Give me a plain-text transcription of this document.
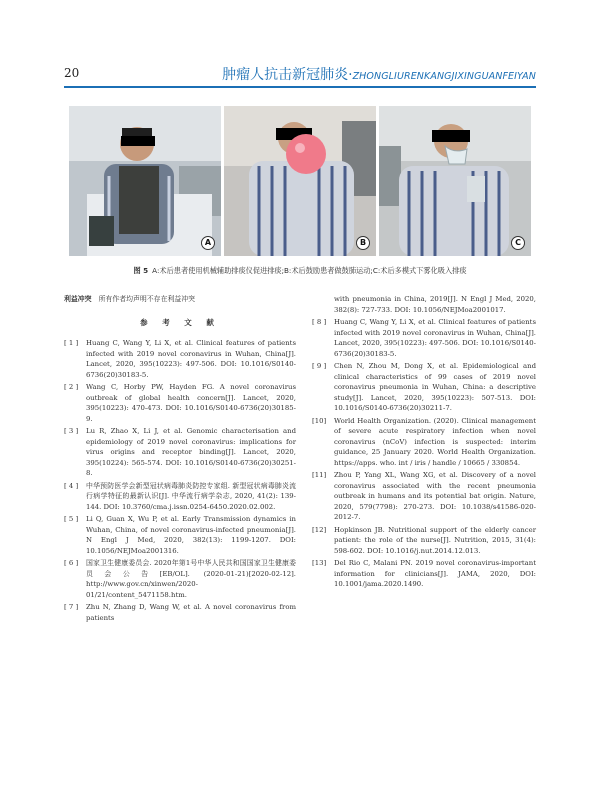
20	肿瘤人抗击新冠肺炎·ZHONGLIURENKANGJIXINGUANFEIYAN
A	B	C
图 5 A:术后患者使用机械辅助排痰仪促进排痰;B:术后鼓励患者做鼓肺运动;C:术后多模式下雾化吸入排痰
利益冲突 所有作者均声明不存在利益冲突
参 考 文 献
[ 1 ]	Huang C, Wang Y, Li X, et al. Clinical features of patients infected with 2019 novel coronavirus in Wuhan, China[J]. Lancet, 2020, 395(10223): 497-506. DOI: 10.1016/S0140-6736(20)30183-5.
[ 2 ]	Wang C, Horby PW, Hayden FG. A novel coronavirus outbreak of global health concern[J]. Lancet, 2020, 395(10223): 470-473. DOI: 10.1016/S0140-6736(20)30185-9.
[ 3 ]	Lu R, Zhao X, Li J, et al. Genomic characterisation and epidemiology of 2019 novel coronavirus: implications for virus origins and receptor binding[J]. Lancet, 2020, 395(10224): 565-574. DOI: 10.1016/S0140-6736(20)30251-8.
[ 4 ]	中华预防医学会新型冠状病毒肺炎防控专家组. 新型冠状病毒肺炎流行病学特征的最新认识[J]. 中华流行病学杂志, 2020, 41(2): 139-144. DOI: 10.3760/cma.j.issn.0254-6450.2020.02.002.
[ 5 ]	Li Q, Guan X, Wu P, et al. Early Transmission dynamics in Wuhan, China, of novel coronavirus-infected pneumonia[J]. N Engl J Med, 2020, 382(13): 1199-1207. DOI: 10.1056/NEJMoa2001316.
[ 6 ]	国家卫生健康委员会. 2020年第1号中华人民共和国国家卫生健康委员会公告[EB/OL]. (2020-01-21)[2020-02-12]. http://www.gov.cn/xinwen/2020-01/21/content_5471158.htm.
[ 7 ]	Zhu N, Zhang D, Wang W, et al. A novel coronavirus from patients
with pneumonia in China, 2019[J]. N Engl J Med, 2020, 382(8): 727-733. DOI: 10.1056/NEJMoa2001017.
[ 8 ]	Huang C, Wang Y, Li X, et al. Clinical features of patients infected with 2019 novel coronavirus in Wuhan, China[J]. Lancet, 2020, 395(10223): 497-506. DOI: 10.1016/S0140-6736(20)30183-5.
[ 9 ]	Chen N, Zhou M, Dong X, et al. Epidemiological and clinical characteristics of 99 cases of 2019 novel coronavirus pneumonia in Wuhan, China: a descriptive study[J]. Lancet, 2020, 395(10223): 507-513. DOI: 10.1016/S0140-6736(20)30211-7.
[10]	World Health Organization. (2020). Clinical management of severe acute respiratory infection when novel coronavirus (nCoV) infection is suspected: interim guidance, 25 January 2020. World Health Organization. https://apps. who. int / iris / handle / 10665 / 330854.
[11]	Zhou P, Yang XL, Wang XG, et al. Discovery of a novel coronavirus associated with the recent pneumonia outbreak in humans and its potential bat origin. Nature, 2020, 579(7798): 270-273. DOI: 10.1038/s41586-020-2012-7.
[12]	Hopkinson JB. Nutritional support of the elderly cancer patient: the role of the nurse[J]. Nutrition, 2015, 31(4): 598-602. DOI: 10.1016/j.nut.2014.12.013.
[13]	Del Rio C, Malani PN. 2019 novel coronavirus-important information for clinicians[J]. JAMA, 2020, DOI: 10.1001/jama.2020.1490.
